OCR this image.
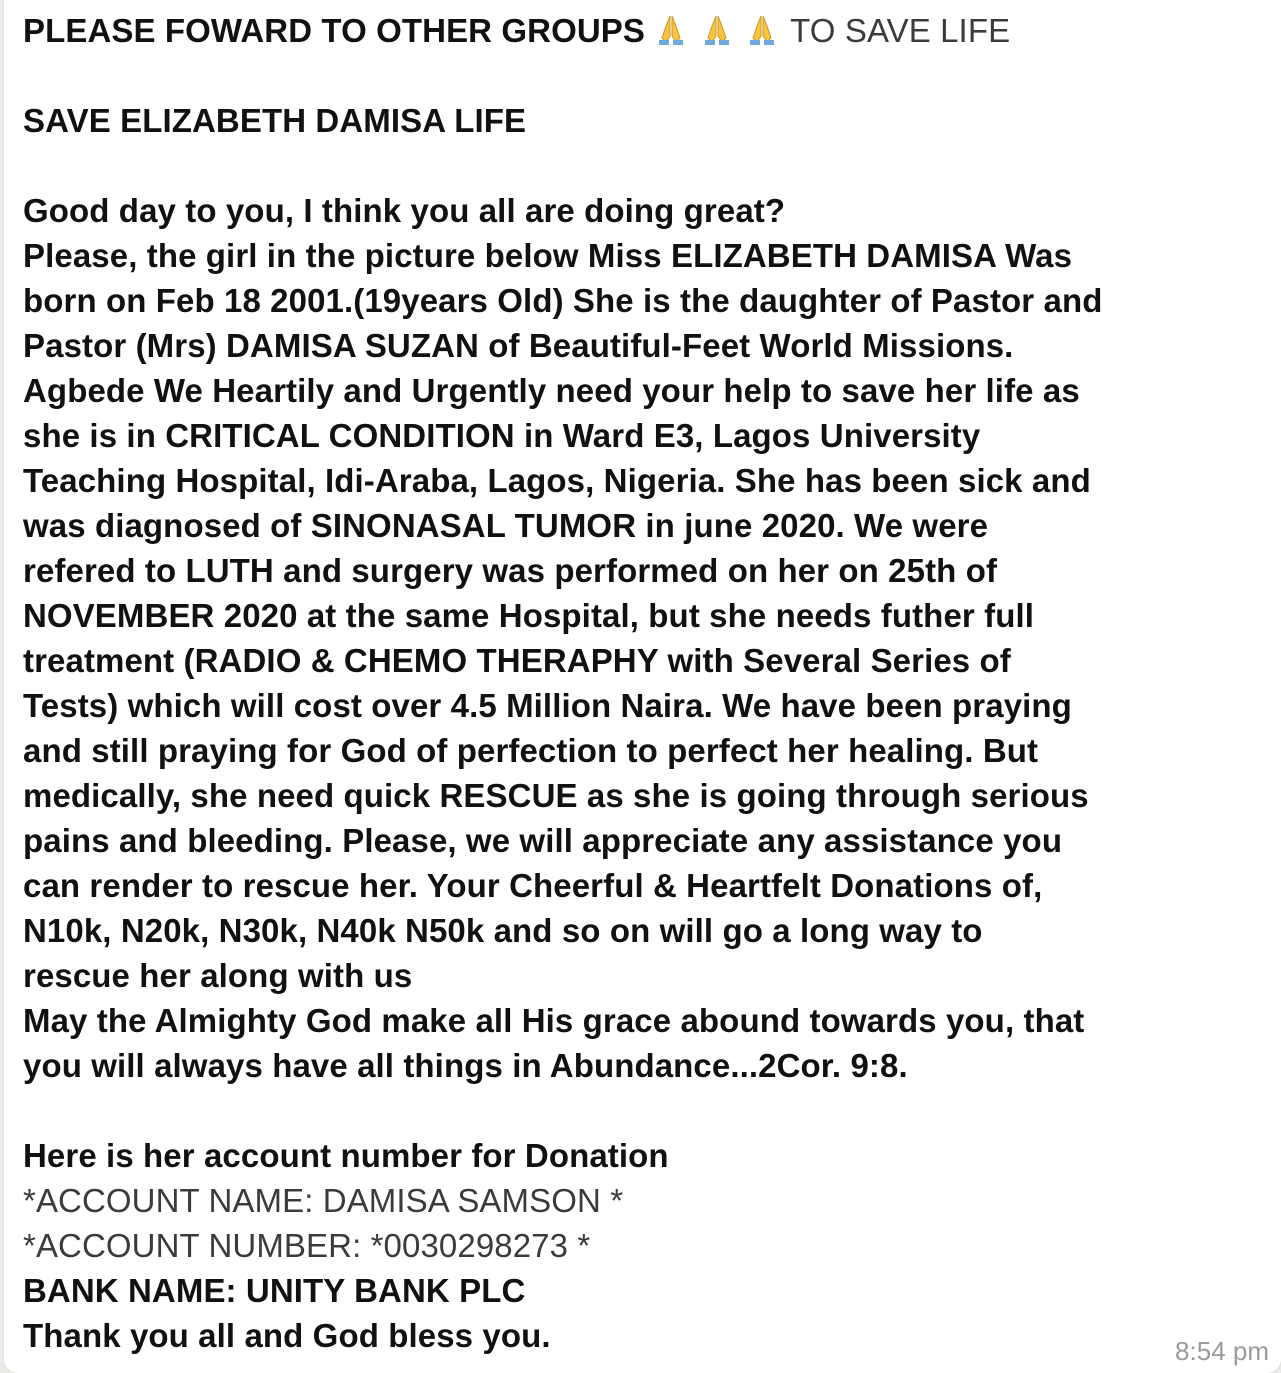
PLEASE FOWARD TO OTHER GROUPS	TO SAVE LIFE
SAVE ELIZABETH DAMISA LIFE
Good day to you, I think you all are doing great?
Please, the girl in the picture below Miss ELIZABETH DAMISA Was
born on Feb 18 2001.(19years Old) She is the daughter of Pastor and
Pastor (Mrs) DAMISA SUZAN of Beautiful-Feet World Missions.
Agbede We Heartily and Urgently need your help to save her life as
she is in CRITICAL CONDITION in Ward E3, Lagos University
Teaching Hospital, Idi-Araba, Lagos, Nigeria. She has been sick and
was diagnosed of SINONASAL TUMOR in june 2020. We were
refered to LUTH and surgery was performed on her on 25th of
NOVEMBER 2020 at the same Hospital, but she needs futher full
treatment (RADIO & CHEMO THERAPHY with Several Series of
Tests) which will cost over 4.5 Million Naira. We have been praying
and still praying for God of perfection to perfect her healing. But
medically, she need quick RESCUE as she is going through serious
pains and bleeding. Please, we will appreciate any assistance you
can render to rescue her. Your Cheerful & Heartfelt Donations of,
N10k, N20k, N30k, N40k N50k and so on will go a long way to
rescue her along with us
May the Almighty God make all His grace abound towards you, that
you will always have all things in Abundance...2Cor. 9:8.
Here is her account number for Donation
*ACCOUNT NAME: DAMISA SAMSON *
*ACCOUNT NUMBER: *0030298273 *
BANK NAME: UNITY BANK PLC
Thank you all and God bless you.	8:54 pm
